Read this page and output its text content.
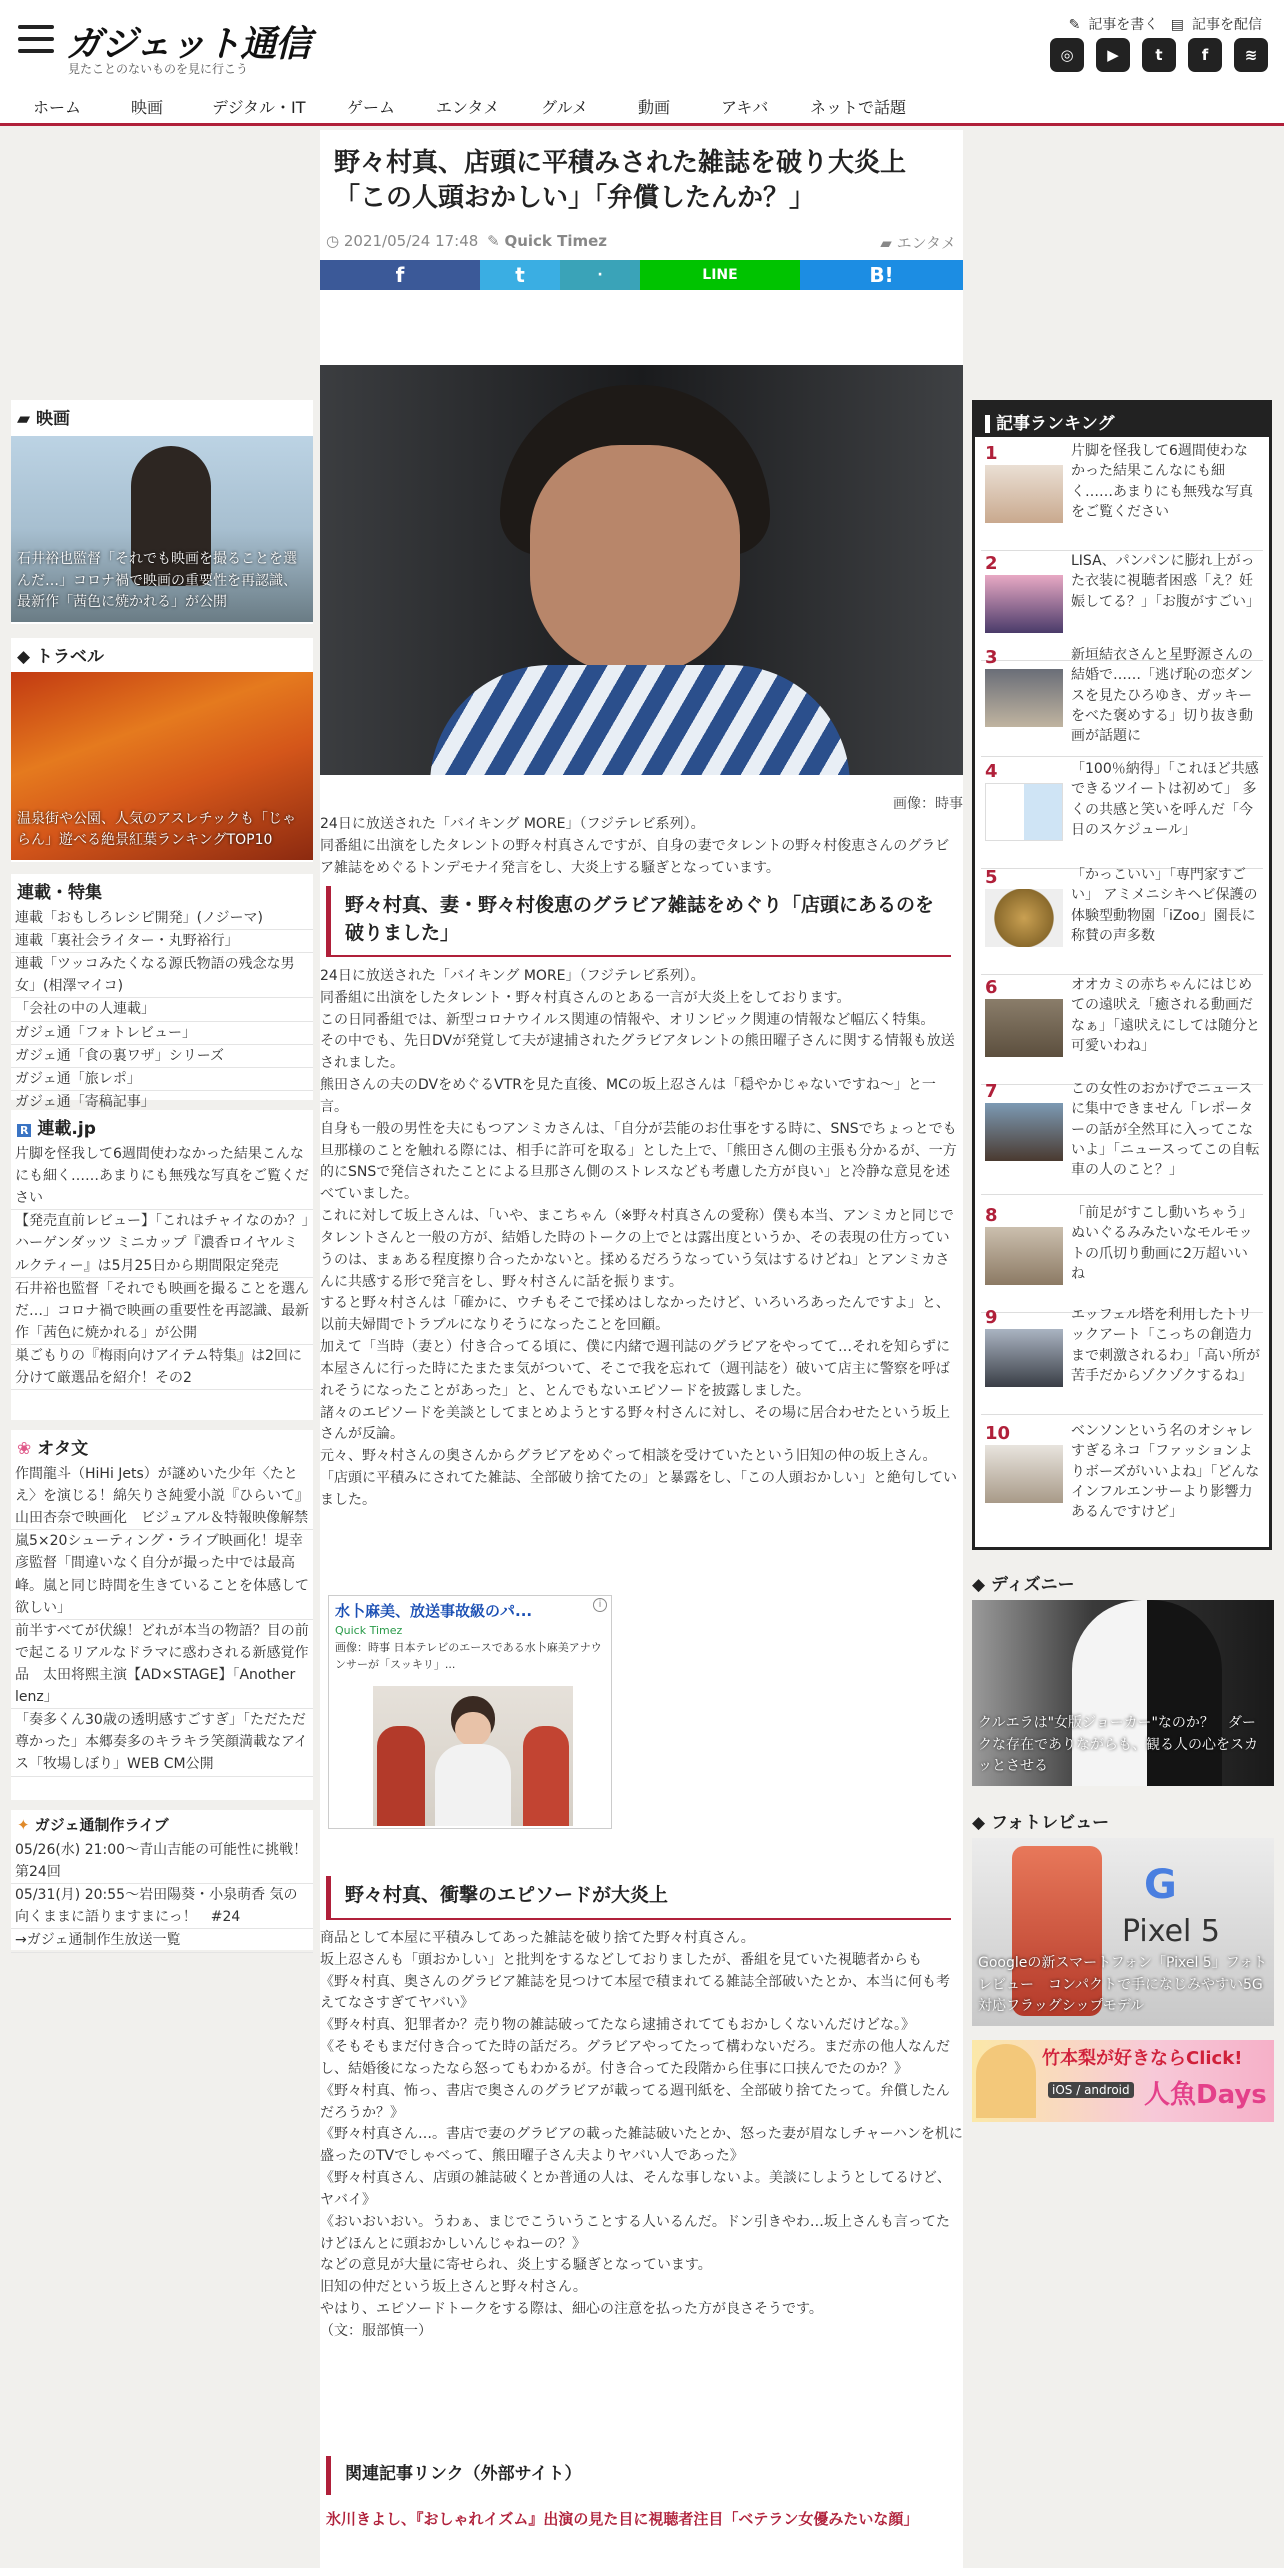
ガジェット通信
見たことのないものを見に行こう
✎ 記事を書く ▤ 記事を配信
◎	▶	t	f	≋
ホーム	映画	デジタル・IT	ゲーム	エンタメ	グルメ	動画	アキバ	ネットで話題
▰ 映画
石井裕也監督「それでも映画を撮ることを選んだ…」コロナ禍で映画の重要性を再認識、最新作「茜色に焼かれる」が公開
◆ トラベル
温泉街や公園、人気のアスレチックも「じゃらん」遊べる絶景紅葉ランキングTOP10
連載・特集

連載「おもしろレシピ開発」(ノジーマ)

連載「裏社会ライター・丸野裕行」

連載「ツッコみたくなる源氏物語の残念な男女」(相澤マイコ)

「会社の中の人連載」

ガジェ通「フォトレビュー」

ガジェ通「食の裏ワザ」シリーズ

ガジェ通「旅レポ」

ガジェ通「寄稿記事」

R 連載.jp

片脚を怪我して6週間使わなかった結果こんなにも細く……あまりにも無残な写真をご覧ください

【発売直前レビュー】「これはチャイなのか？」ハーゲンダッツ ミニカップ『濃香ロイヤルミルクティー』は5月25日から期間限定発売

石井裕也監督「それでも映画を撮ることを選んだ…」コロナ禍で映画の重要性を再認識、最新作「茜色に焼かれる」が公開

巣ごもりの『梅雨向けアイテム特集』は2回に分けて厳選品を紹介！その2

❀ オタ文

作間龍斗（HiHi Jets）が謎めいた少年〈たとえ〉を演じる！綿矢りさ純愛小説『ひらいて』山田杏奈で映画化　ビジュアル＆特報映像解禁

嵐5×20シューティング・ライブ映画化！堤幸彦監督「間違いなく自分が撮った中では最高峰。嵐と同じ時間を生きていることを体感して欲しい」

前半すべてが伏線！どれが本当の物語？目の前で起こるリアルなドラマに惑わされる新感覚作品　太田将熙主演【AD×STAGE】「Another lenz」

「奏多くん30歳の透明感すごすぎ」「ただただ尊かった」本郷奏多のキラキラ笑顔満載なアイス「牧場しぼり」WEB CM公開

✦ ガジェ通制作ライブ

05/26(水) 21:00～青山吉能の可能性に挑戦！ 第24回

05/31(月) 20:55～岩田陽葵・小泉萌香 気の向くままに語りますまにっ！　#24

→ガジェ通制作生放送一覧

野々村真、店頭に平積みされた雑誌を破り大炎上「この人頭おかしい」「弁償したんか？」
◷ 2021/05/24 17:48 ✎ Quick Timez	▰ エンタメ
f	t	·	LINE	B!
画像：時事

24日に放送された「バイキング MORE」（フジテレビ系列）。

同番組に出演をしたタレントの野々村真さんですが、自身の妻でタレントの野々村俊恵さんのグラビア雑誌をめぐるトンデモナイ発言をし、大炎上する騒ぎとなっています。

野々村真、妻・野々村俊恵のグラビア雑誌をめぐり「店頭にあるのを破りました」

24日に放送された「バイキング MORE」（フジテレビ系列）。

同番組に出演をしたタレント・野々村真さんのとある一言が大炎上をしております。

この日同番組では、新型コロナウイルス関連の情報や、オリンピック関連の情報など幅広く特集。

その中でも、先日DVが発覚して夫が逮捕されたグラビアタレントの熊田曜子さんに関する情報も放送されました。

熊田さんの夫のDVをめぐるVTRを見た直後、MCの坂上忍さんは「穏やかじゃないですね〜」と一言。

自身も一般の男性を夫にもつアンミカさんは、「自分が芸能のお仕事をする時に、SNSでちょっとでも旦那様のことを触れる際には、相手に許可を取る」とした上で、「熊田さん側の主張も分かるが、一方的にSNSで発信されたことによる旦那さん側のストレスなども考慮した方が良い」と冷静な意見を述べていました。

これに対して坂上さんは、「いや、まこちゃん（※野々村真さんの愛称）僕も本当、アンミカと同じでタレントさんと一般の方が、結婚した時のトークの上でとは露出度というか、その表現の仕方っていうのは、まぁある程度擦り合ったかないと。揉めるだろうなっていう気はするけどね」とアンミカさんに共感する形で発言をし、野々村さんに話を振ります。

すると野々村さんは「確かに、ウチもそこで揉めはしなかったけど、いろいろあったんですよ」と、以前夫婦間でトラブルになりそうになったことを回顧。

加えて「当時（妻と）付き合ってる頃に、僕に内緒で週刊誌のグラビアをやってて…それを知らずに本屋さんに行った時にたまたま気がついて、そこで我を忘れて（週刊誌を）破いて店主に警察を呼ばれそうになったことがあった」と、とんでもないエピソードを披露しました。

諸々のエピソードを美談としてまとめようとする野々村さんに対し、その場に居合わせたという坂上さんが反論。

元々、野々村さんの奥さんからグラビアをめぐって相談を受けていたという旧知の仲の坂上さん。

「店頭に平積みにされてた雑誌、全部破り捨てたの」と暴露をし、「この人頭おかしい」と絶句していました。

水卜麻美、放送事故級のパ...	i
Quick Timez
画像：時事 日本テレビのエースである水卜麻美アナウンサーが「スッキリ」...
野々村真、衝撃のエピソードが大炎上

商品として本屋に平積みしてあった雑誌を破り捨てた野々村真さん。

坂上忍さんも「頭おかしい」と批判をするなどしておりましたが、番組を見ていた視聴者からも

《野々村真、奥さんのグラビア雑誌を見つけて本屋で積まれてる雑誌全部破いたとか、本当に何も考えてなさすぎてヤバい》

《野々村真、犯罪者か？売り物の雑誌破ってたなら逮捕されててもおかしくないんだけどな。》

《そもそもまだ付き合ってた時の話だろ。グラビアやってたって構わないだろ。まだ赤の他人なんだし、結婚後になったなら怒ってもわかるが。付き合ってた段階から住事に口挟んでたのか？》

《野々村真、怖っ、書店で奥さんのグラビアが載ってる週刊紙を、全部破り捨てたって。弁償したんだろうか？》

《野々村真さん…。書店で妻のグラビアの載った雑誌破いたとか、怒った妻が眉なしチャーハンを机に盛ったのTVでしゃべって、熊田曜子さん夫よりヤバい人であった》

《野々村真さん、店頭の雑誌破くとか普通の人は、そんな事しないよ。美談にしようとしてるけど、ヤバイ》

《おいおいおい。うわぁ、まじでこういうことする人いるんだ。ドン引きやわ…坂上さんも言ってたけどほんとに頭おかしいんじゃねーの？》

などの意見が大量に寄せられ、炎上する騒ぎとなっています。

旧知の仲だという坂上さんと野々村さん。

やはり、エピソードトークをする際は、細心の注意を払った方が良さそうです。

（文：服部慎一）

関連記事リンク（外部サイト）
氷川きよし、『おしゃれイズム』出演の見た目に視聴者注目「ベテラン女優みたいな顔」
記事ランキング
1	片脚を怪我して6週間使わなかった結果こんなにも細く……あまりにも無残な写真をご覧ください
2	LISA、パンパンに膨れ上がった衣装に視聴者困惑「え？妊娠してる？」「お腹がすごい」
3	新垣結衣さんと星野源さんの結婚で……「逃げ恥の恋ダンスを見たひろゆき、ガッキーをべた褒めする」切り抜き動画が話題に
4	「100％納得」「これほど共感できるツイートは初めて」 多くの共感と笑いを呼んだ「今日のスケジュール」
5	「かっこいい」「専門家すごい」 アミメニシキヘビ保護の体験型動物園「iZoo」園長に称賛の声多数
6	オオカミの赤ちゃんにはじめての遠吠え「癒される動画だなぁ」「遠吠えにしては随分と可愛いわね」
7	この女性のおかげでニュースに集中できません「レポーターの話が全然耳に入ってこないよ」「ニュースってこの自転車の人のこと？」
8	「前足がすこし動いちゃう」 ぬいぐるみみたいなモルモットの爪切り動画に2万超いいね
9	エッフェル塔を利用したトリックアート「こっちの創造力まで刺激されるわ」「高い所が苦手だからゾクゾクするね」
10	ベンソンという名のオシャレすぎるネコ「ファッションよりボーズがいいよね」「どんなインフルエンサーより影響力あるんですけど」
◆ ディズニー
クルエラは"女版ジョーカー"なのか？　ダークな存在でありながらも、観る人の心をスカッとさせる
◆ フォトレビュー
G
Pixel 5
Googleの新スマートフォン「Pixel 5」フォトレビュー　コンパクトで手になじみやすい5G対応フラッグシップモデル
竹本梨が好きならClick!
iOS / android 人魚Days
